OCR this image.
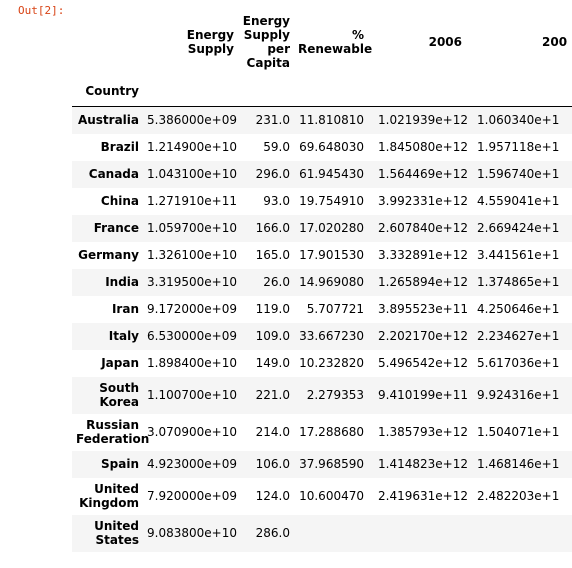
Out[2]:
	Energy Supply	Energy Supply per Capita	% Renewable	2006	200
Country					
Australia	5.386000e+09	231.0	11.810810	1.021939e+12	1.060340e+1
Brazil	1.214900e+10	59.0	69.648030	1.845080e+12	1.957118e+1
Canada	1.043100e+10	296.0	61.945430	1.564469e+12	1.596740e+1
China	1.271910e+11	93.0	19.754910	3.992331e+12	4.559041e+1
France	1.059700e+10	166.0	17.020280	2.607840e+12	2.669424e+1
Germany	1.326100e+10	165.0	17.901530	3.332891e+12	3.441561e+1
India	3.319500e+10	26.0	14.969080	1.265894e+12	1.374865e+1
Iran	9.172000e+09	119.0	5.707721	3.895523e+11	4.250646e+1
Italy	6.530000e+09	109.0	33.667230	2.202170e+12	2.234627e+1
Japan	1.898400e+10	149.0	10.232820	5.496542e+12	5.617036e+1
South Korea	1.100700e+10	221.0	2.279353	9.410199e+11	9.924316e+1
Russian Federation	3.070900e+10	214.0	17.288680	1.385793e+12	1.504071e+1
Spain	4.923000e+09	106.0	37.968590	1.414823e+12	1.468146e+1
United Kingdom	7.920000e+09	124.0	10.600470	2.419631e+12	2.482203e+1
United States	9.083800e+10	286.0			
